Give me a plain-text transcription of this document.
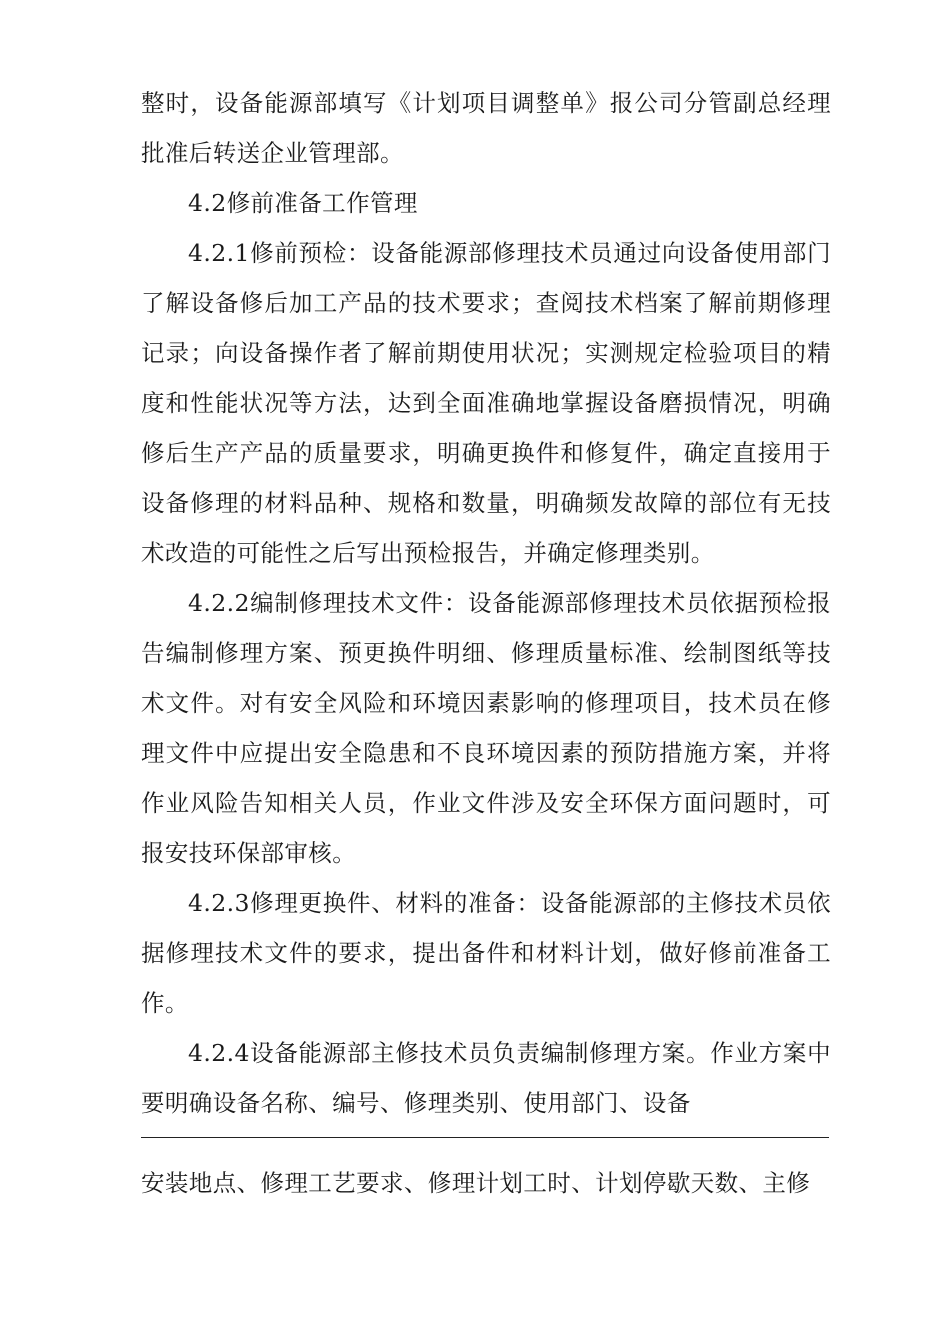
整时，设备能源部填写《计划项目调整单》报公司分管副总经理批准后转送企业管理部。

4.2修前准备工作管理

4.2.1修前预检：设备能源部修理技术员通过向设备使用部门了解设备修后加工产品的技术要求；查阅技术档案了解前期修理记录；向设备操作者了解前期使用状况；实测规定检验项目的精度和性能状况等方法，达到全面准确地掌握设备磨损情况，明确修后生产产品的质量要求，明确更换件和修复件，确定直接用于设备修理的材料品种、规格和数量，明确频发故障的部位有无技术改造的可能性之后写出预检报告，并确定修理类别。

4.2.2编制修理技术文件：设备能源部修理技术员依据预检报告编制修理方案、预更换件明细、修理质量标准、绘制图纸等技术文件。对有安全风险和环境因素影响的修理项目，技术员在修理文件中应提出安全隐患和不良环境因素的预防措施方案，并将作业风险告知相关人员，作业文件涉及安全环保方面问题时，可报安技环保部审核。

4.2.3修理更换件、材料的准备：设备能源部的主修技术员依据修理技术文件的要求，提出备件和材料计划，做好修前准备工作。

4.2.4设备能源部主修技术员负责编制修理方案。作业方案中要明确设备名称、编号、修理类别、使用部门、设备

安装地点、修理工艺要求、修理计划工时、计划停歇天数、主修
